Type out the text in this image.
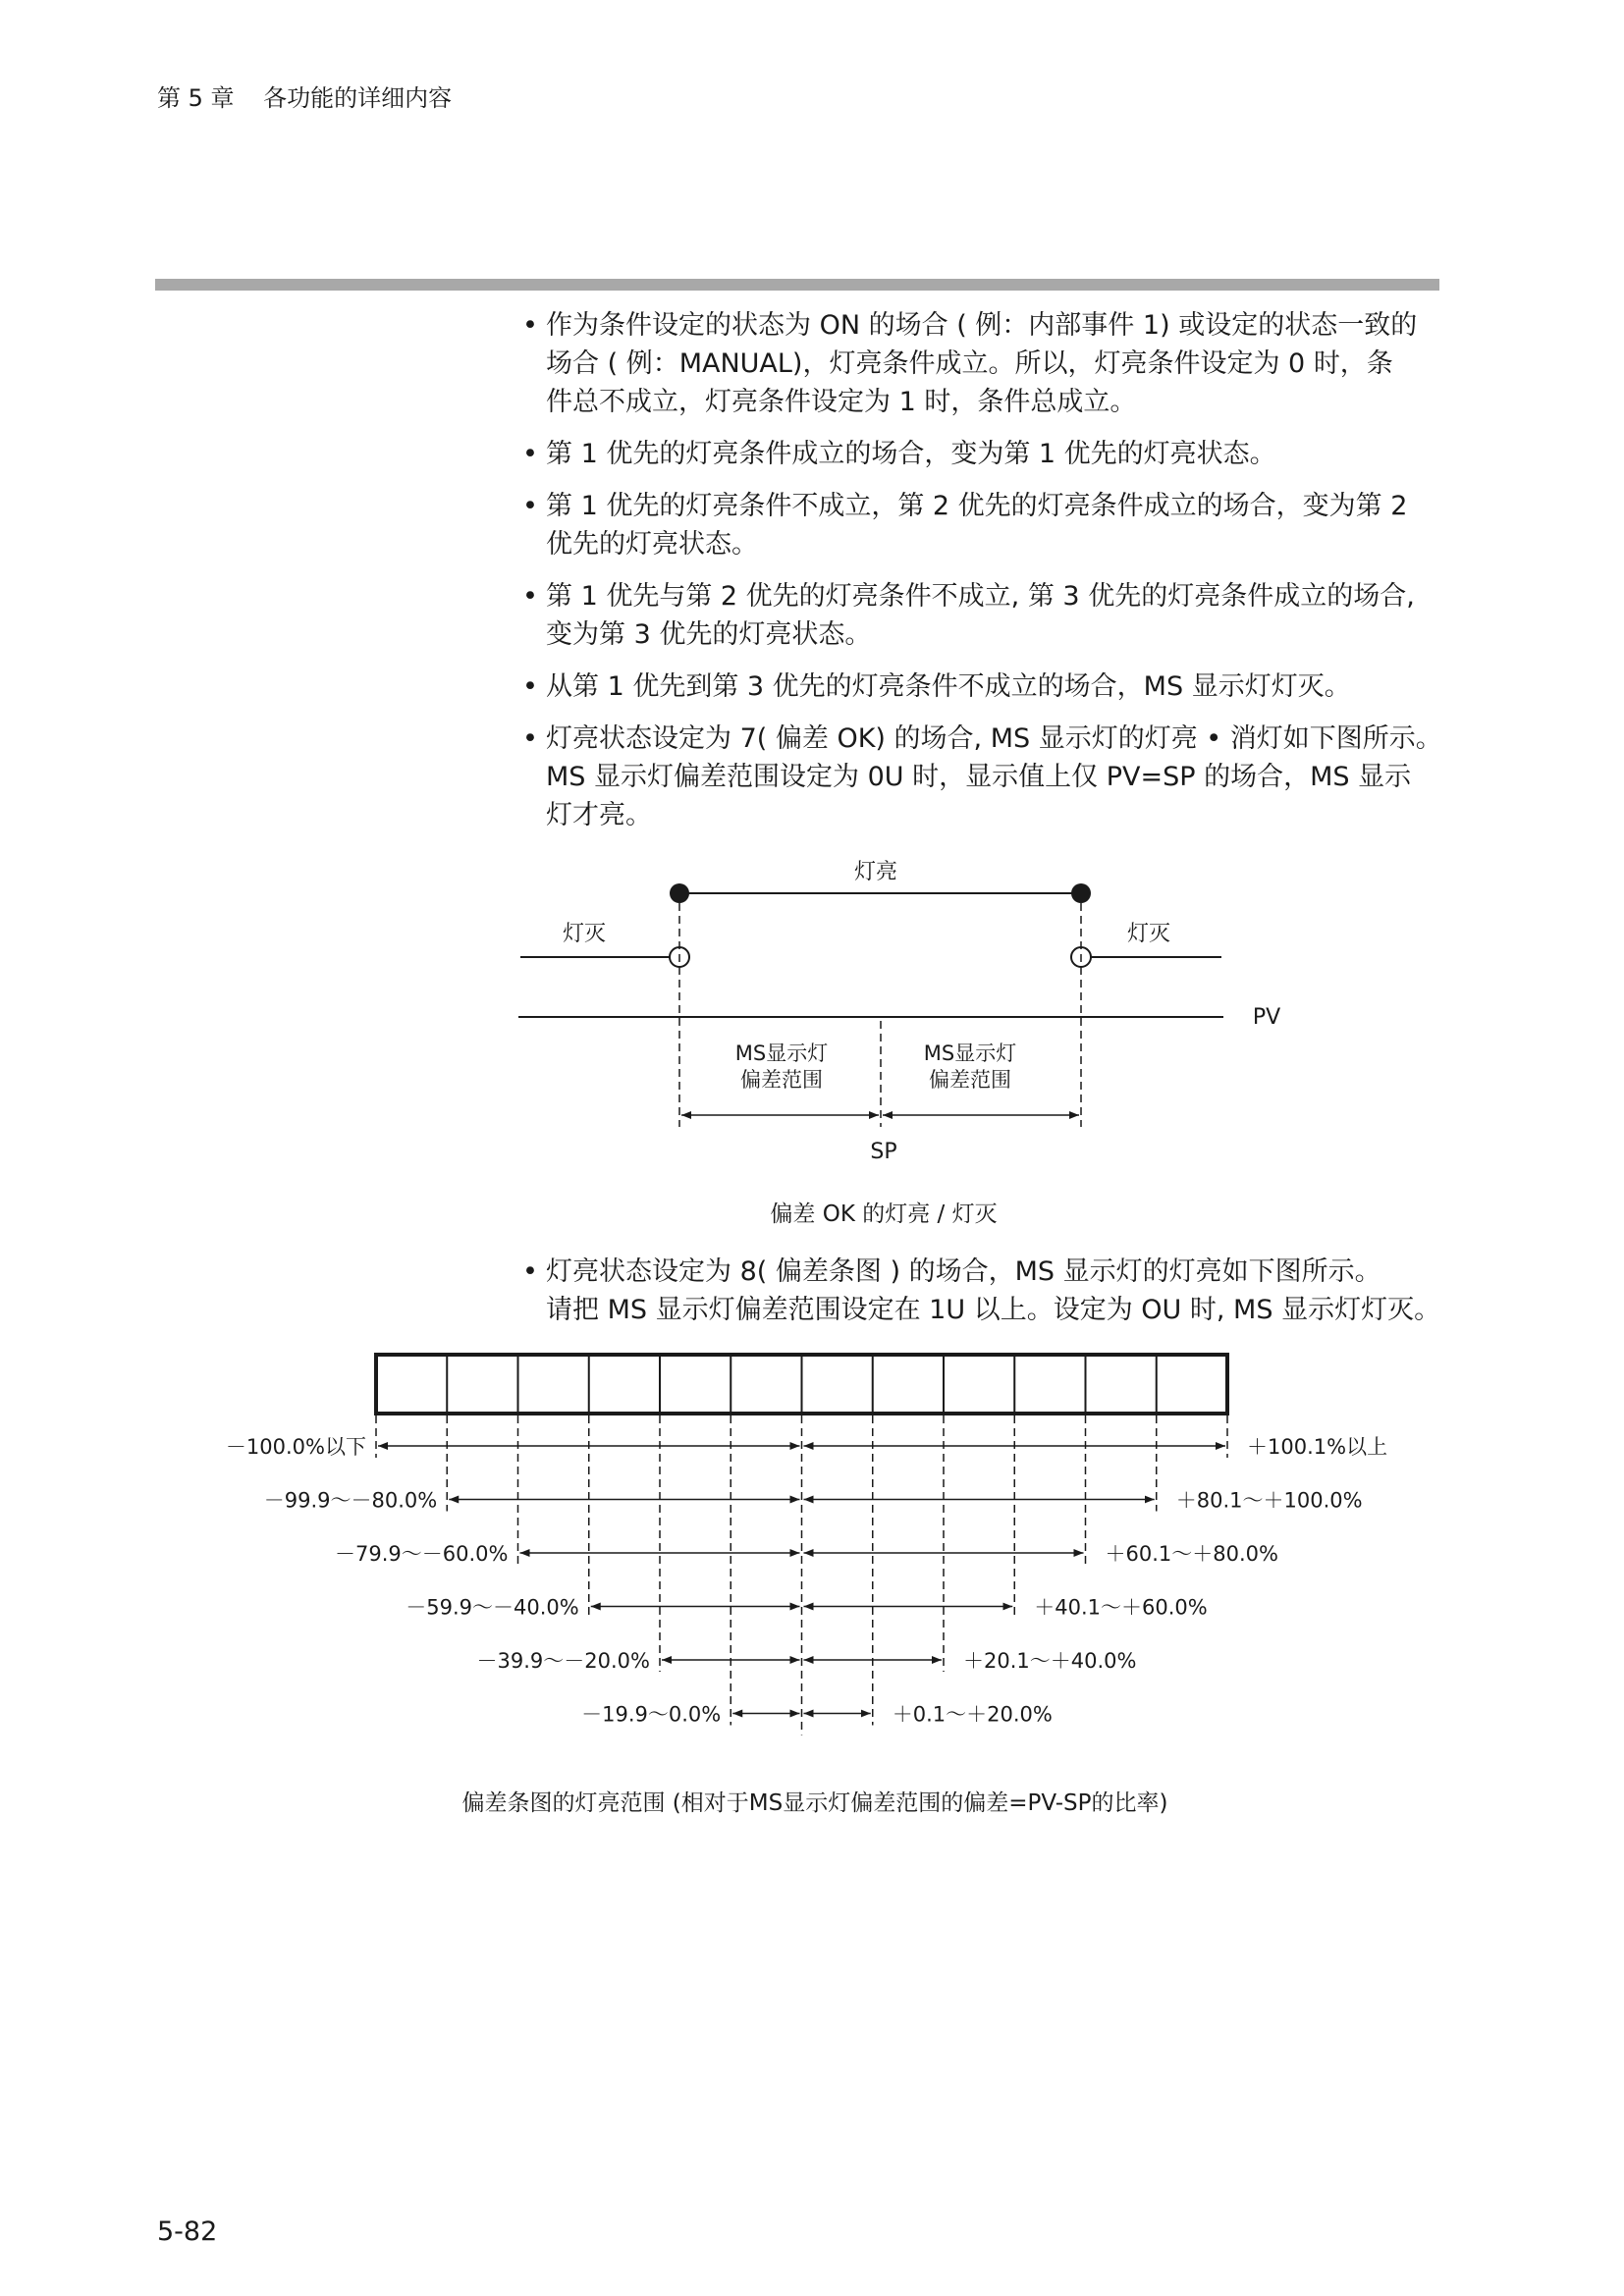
第 5 章 各功能的详细内容
• 作为条件设定的状态为 ON 的场合 ( 例：内部事件 1) 或设定的状态一致的
场合 ( 例：MANUAL)，灯亮条件成立。所以，灯亮条件设定为 0 时，条
件总不成立，灯亮条件设定为 1 时，条件总成立。
• 第 1 优先的灯亮条件成立的场合，变为第 1 优先的灯亮状态。
• 第 1 优先的灯亮条件不成立，第 2 优先的灯亮条件成立的场合，变为第 2
优先的灯亮状态。
• 第 1 优先与第 2 优先的灯亮条件不成立, 第 3 优先的灯亮条件成立的场合,
变为第 3 优先的灯亮状态。
• 从第 1 优先到第 3 优先的灯亮条件不成立的场合，MS 显示灯灯灭。
• 灯亮状态设定为 7( 偏差 OK) 的场合, MS 显示灯的灯亮 • 消灯如下图所示。
MS 显示灯偏差范围设定为 0U 时，显示值上仅 PV=SP 的场合，MS 显示
灯才亮。
灯亮
灯灭	灯灭
PV
MS显示灯
偏差范围
MS显示灯
偏差范围
SP
偏差 OK 的灯亮 / 灯灭
• 灯亮状态设定为 8( 偏差条图 ) 的场合，MS 显示灯的灯亮如下图所示。
请把 MS 显示灯偏差范围设定在 1U 以上。设定为 OU 时, MS 显示灯灯灭。
－100.0%以下	＋100.1%以上
－99.9～－80.0%	＋80.1～＋100.0%
－79.9～－60.0%	＋60.1～＋80.0%
－59.9～－40.0%	＋40.1～＋60.0%
－39.9～－20.0%	＋20.1～＋40.0%
－19.9～0.0%	＋0.1～＋20.0%
偏差条图的灯亮范围 (相对于MS显示灯偏差范围的偏差=PV-SP的比率)
5-82
